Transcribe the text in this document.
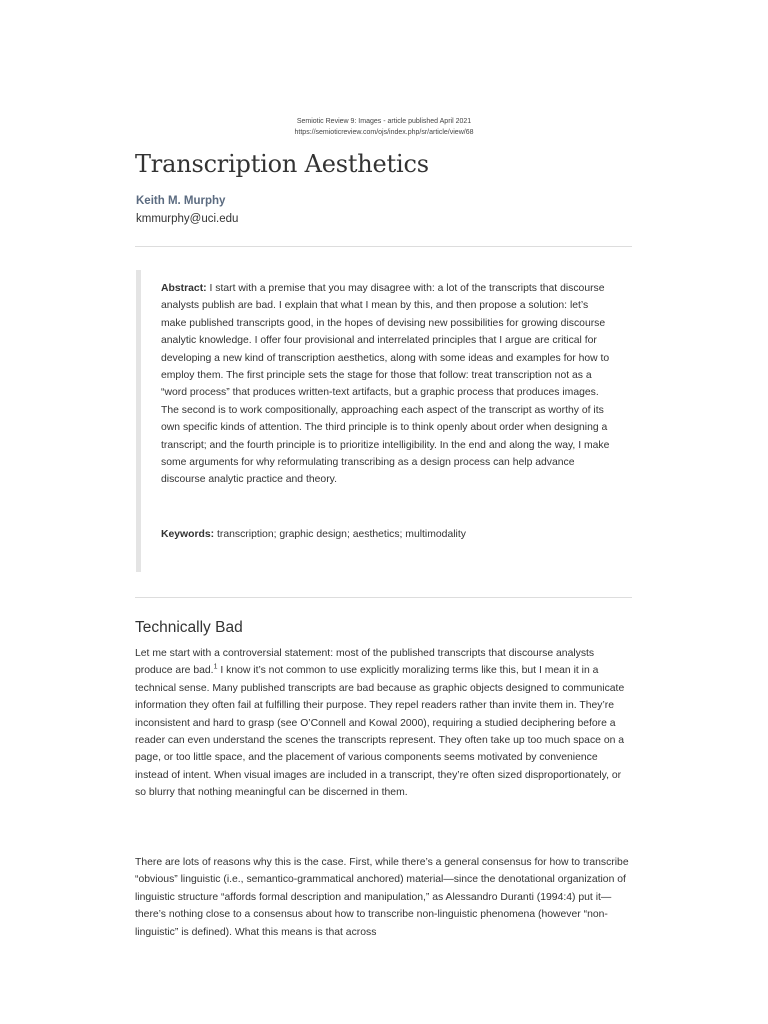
Semiotic Review 9: Images - article published April 2021
https://semioticreview.com/ojs/index.php/sr/article/view/68
Transcription Aesthetics
Keith M. Murphy
kmmurphy@uci.edu
Abstract: I start with a premise that you may disagree with: a lot of the transcripts that discourse analysts publish are bad. I explain that what I mean by this, and then propose a solution: let’s make published transcripts good, in the hopes of devising new possibilities for growing discourse analytic knowledge. I offer four provisional and interrelated principles that I argue are critical for developing a new kind of transcription aesthetics, along with some ideas and examples for how to employ them. The first principle sets the stage for those that follow: treat transcription not as a “word process” that produces written-text artifacts, but a graphic process that produces images. The second is to work compositionally, approaching each aspect of the transcript as worthy of its own specific kinds of attention. The third principle is to think openly about order when designing a transcript; and the fourth principle is to prioritize intelligibility. In the end and along the way, I make some arguments for why reformulating transcribing as a design process can help advance discourse analytic practice and theory.
Keywords: transcription; graphic design; aesthetics; multimodality
Technically Bad

Let me start with a controversial statement: most of the published transcripts that discourse analysts produce are bad.$^1$ I know it’s not common to use explicitly moralizing terms like this, but I mean it in a technical sense. Many published transcripts are bad because as graphic objects designed to communicate information they often fail at fulfilling their purpose. They repel readers rather than invite them in. They’re inconsistent and hard to grasp (see O’Connell and Kowal 2000), requiring a studied deciphering before a reader can even understand the scenes the transcripts represent. They often take up too much space on a page, or too little space, and the placement of various components seems motivated by convenience instead of intent. When visual images are included in a transcript, they’re often sized disproportionately, or so blurry that nothing meaningful can be discerned in them.

There are lots of reasons why this is the case. First, while there’s a general consensus for how to transcribe “obvious” linguistic (i.e., semantico-grammatical anchored) material—since the denotational organization of linguistic structure “affords formal description and manipulation,” as Alessandro Duranti (1994:4) put it—there’s nothing close to a consensus about how to transcribe non-linguistic phenomena (however “non-linguistic” is defined). What this means is that across
